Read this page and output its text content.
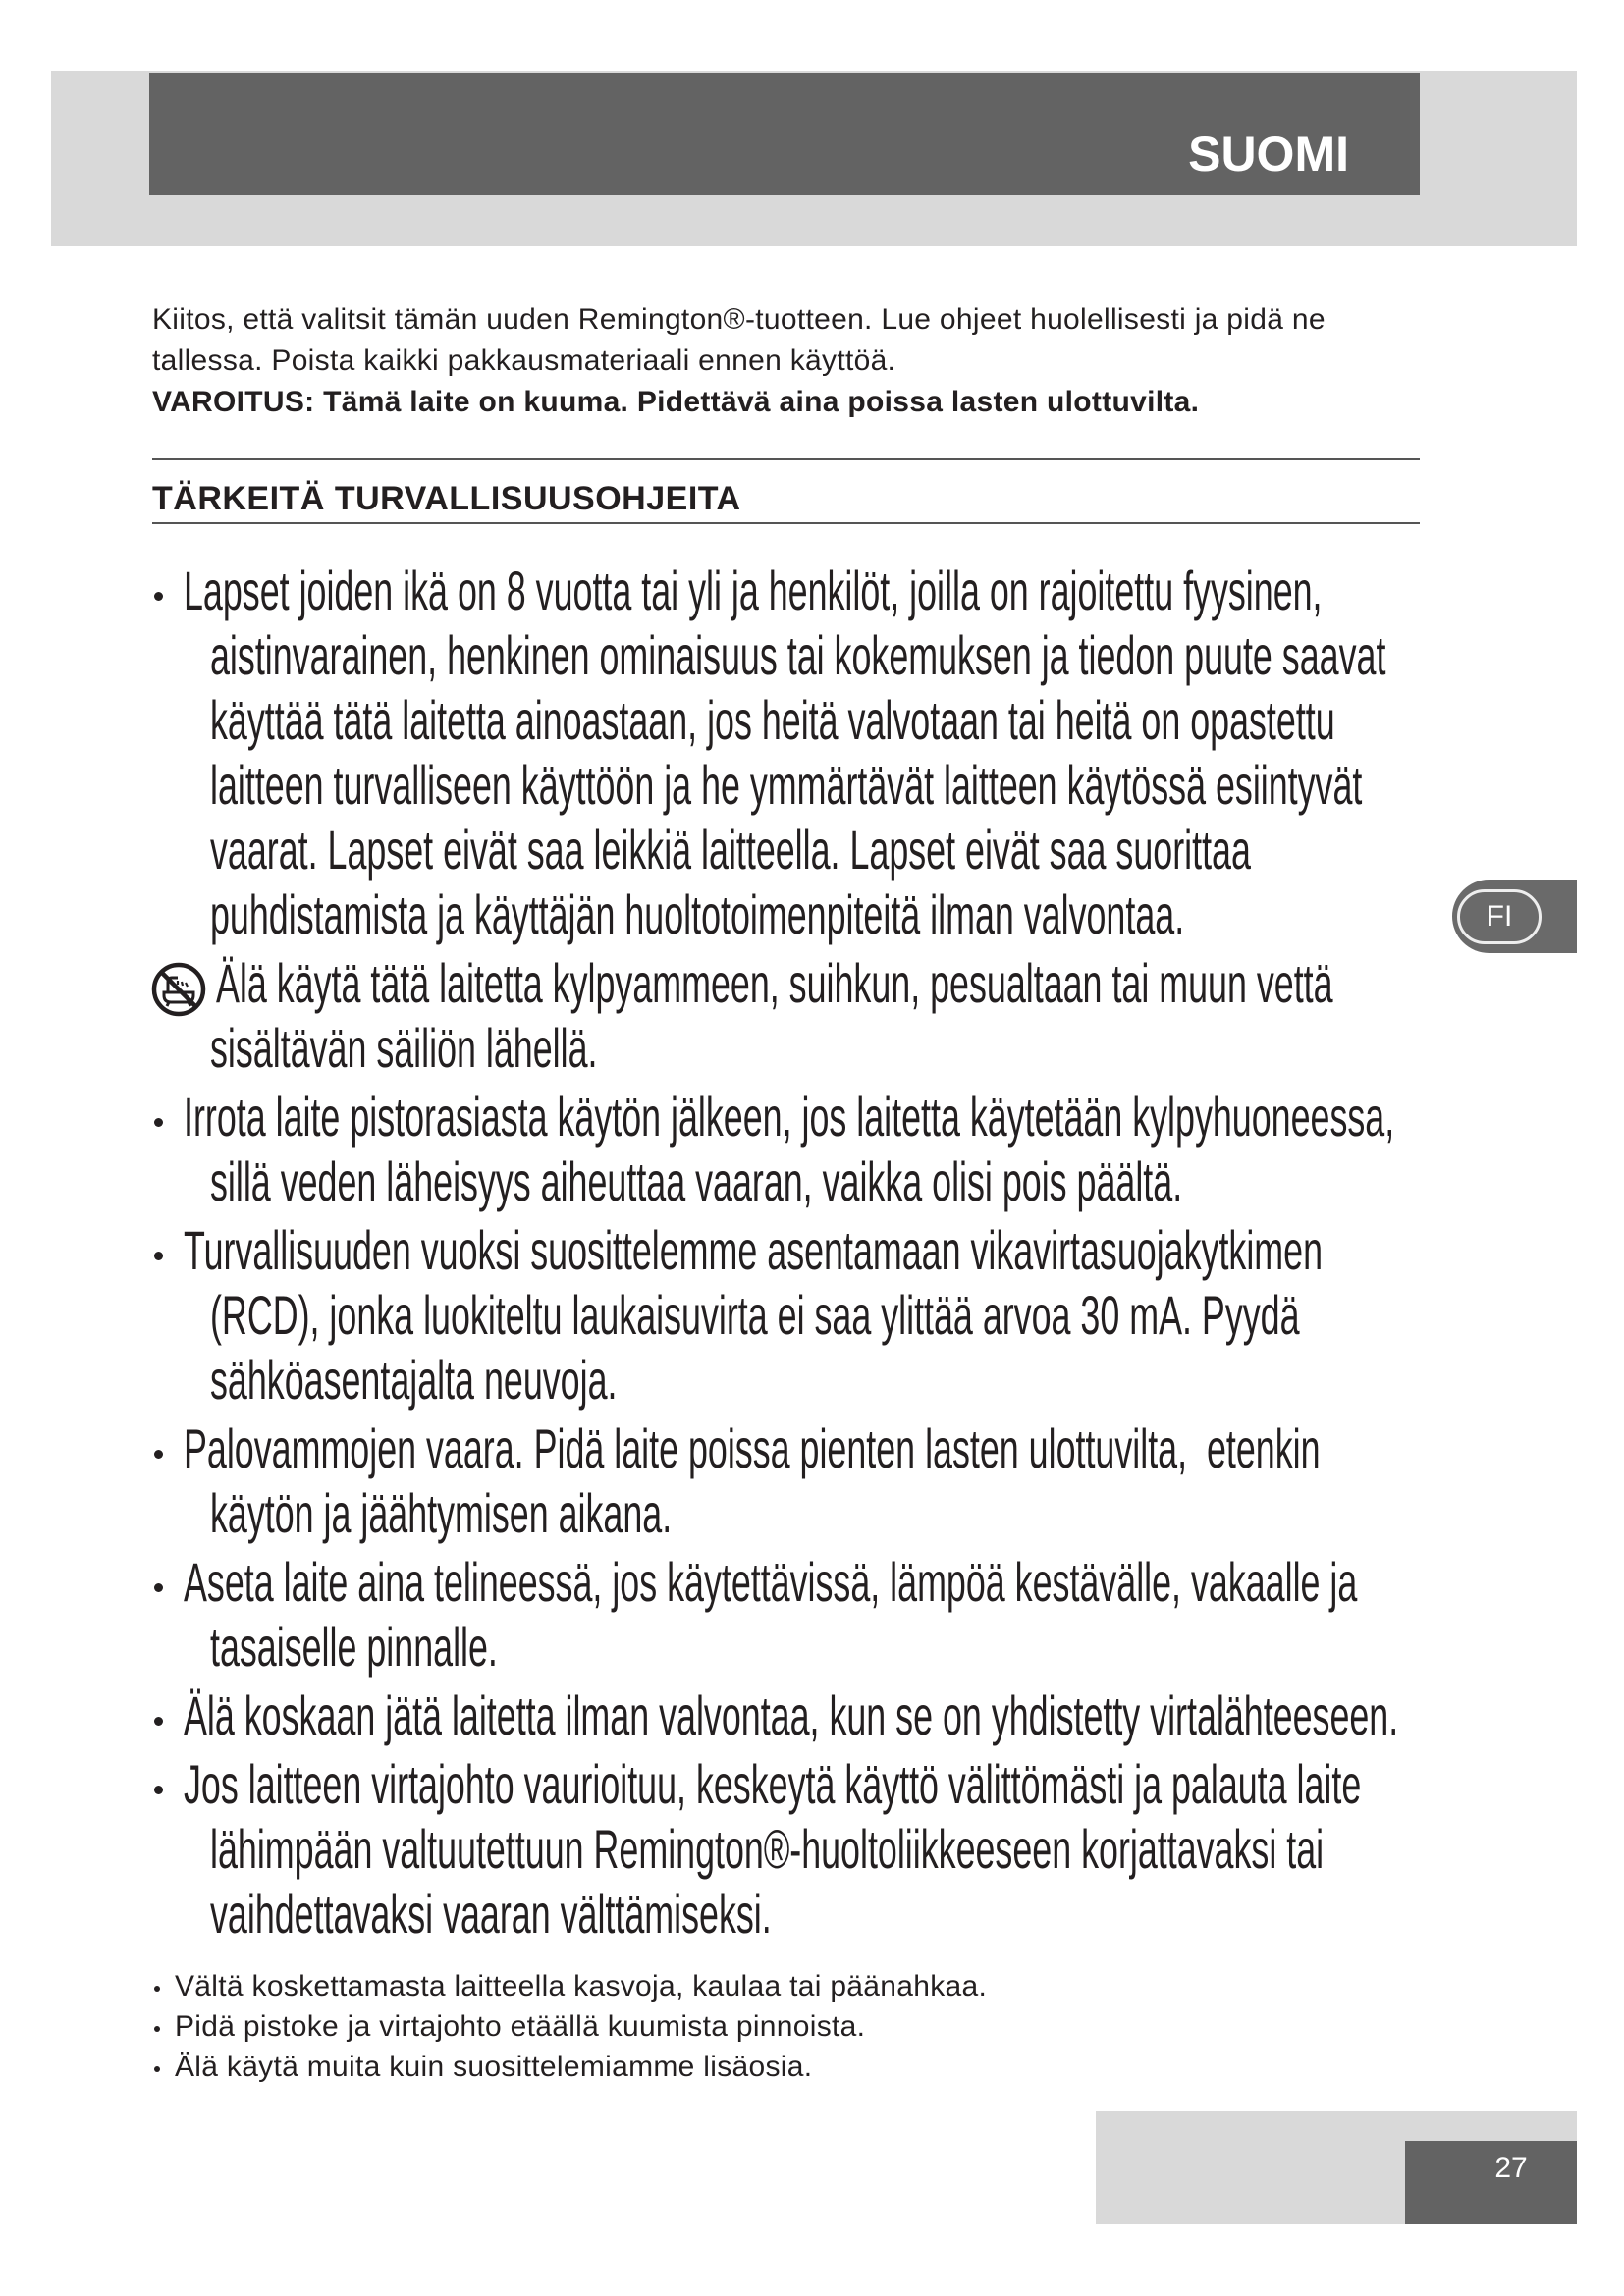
SUOMI
Kiitos, että valitsit tämän uuden Remington®-tuotteen. Lue ohjeet huolellisesti ja pidä ne
tallessa. Poista kaikki pakkausmateriaali ennen käyttöä.
VAROITUS: Tämä laite on kuuma. Pidettävä aina poissa lasten ulottuvilta.
TÄRKEITÄ TURVALLISUUSOHJEITA
Lapset joiden ikä on 8 vuotta tai yli ja henkilöt, joilla on rajoitettu fyysinen,
aistinvarainen, henkinen ominaisuus tai kokemuksen ja tiedon puute saavat
käyttää tätä laitetta ainoastaan, jos heitä valvotaan tai heitä on opastettu
laitteen turvalliseen käyttöön ja he ymmärtävät laitteen käytössä esiintyvät
vaarat. Lapset eivät saa leikkiä laitteella. Lapset eivät saa suorittaa
puhdistamista ja käyttäjän huoltotoimenpiteitä ilman valvontaa.
Älä käytä tätä laitetta kylpyammeen, suihkun, pesualtaan tai muun vettä
sisältävän säiliön lähellä.
Irrota laite pistorasiasta käytön jälkeen, jos laitetta käytetään kylpyhuoneessa,
sillä veden läheisyys aiheuttaa vaaran, vaikka olisi pois päältä.
Turvallisuuden vuoksi suosittelemme asentamaan vikavirtasuojakytkimen
(RCD), jonka luokiteltu laukaisuvirta ei saa ylittää arvoa 30 mA. Pyydä
sähköasentajalta neuvoja.
Palovammojen vaara. Pidä laite poissa pienten lasten ulottuvilta,  etenkin
käytön ja jäähtymisen aikana.
Aseta laite aina telineessä, jos käytettävissä, lämpöä kestävälle, vakaalle ja
tasaiselle pinnalle.
Älä koskaan jätä laitetta ilman valvontaa, kun se on yhdistetty virtalähteeseen.
Jos laitteen virtajohto vaurioituu, keskeytä käyttö välittömästi ja palauta laite
lähimpään valtuutettuun Remington®-huoltoliikkeeseen korjattavaksi tai
vaihdettavaksi vaaran välttämiseksi.
Vältä koskettamasta laitteella kasvoja, kaulaa tai päänahkaa.
Pidä pistoke ja virtajohto etäällä kuumista pinnoista.
Älä käytä muita kuin suosittelemiamme lisäosia.
FI
27
